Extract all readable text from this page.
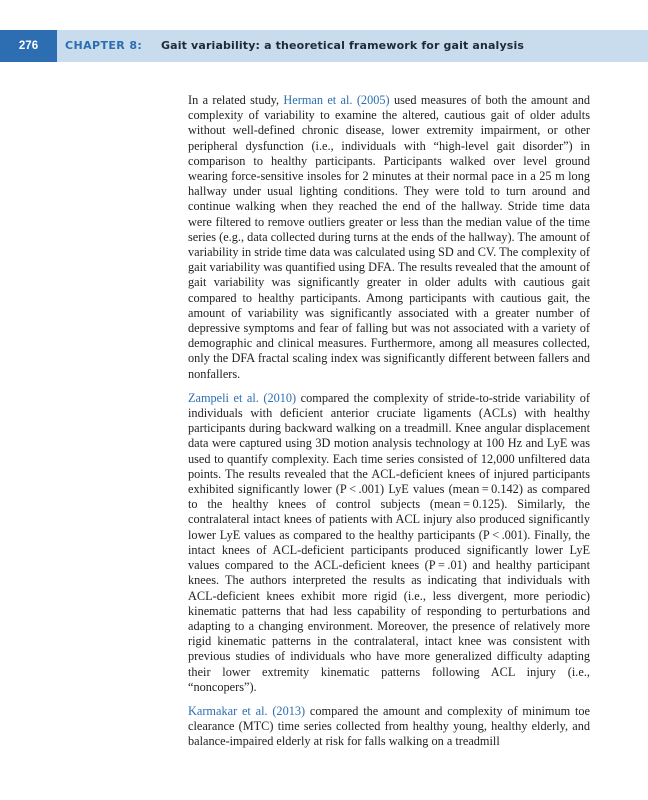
276	CHAPTER 8: Gait variability: a theoretical framework for gait analysis

In a related study, Herman et al. (2005) used measures of both the amount and complexity of variability to examine the altered, cautious gait of older adults without well-defined chronic disease, lower extremity impairment, or other peripheral dysfunction (i.e., individuals with “high-level gait disorder”) in comparison to healthy participants. Participants walked over level ground wearing force-sensitive insoles for 2 minutes at their normal pace in a 25 m long hallway under usual lighting conditions. They were told to turn around and continue walking when they reached the end of the hallway. Stride time data were filtered to remove outliers greater or less than the median value of the time series (e.g., data collected during turns at the ends of the hallway). The amount of variability in stride time data was calculated using SD and CV. The complexity of gait variability was quantified using DFA. The results revealed that the amount of gait variability was significantly greater in older adults with cautious gait compared to healthy participants. Among participants with cautious gait, the amount of variability was significantly associated with a greater number of depressive symptoms and fear of falling but was not associated with a variety of demographic and clinical measures. Furthermore, among all measures collected, only the DFA fractal scaling index was significantly different between fallers and nonfallers.

Zampeli et al. (2010) compared the complexity of stride-to-stride variability of individuals with deficient anterior cruciate ligaments (ACLs) with healthy participants during backward walking on a treadmill. Knee angular displacement data were captured using 3D motion analysis technology at 100 Hz and LyE was used to quantify complexity. Each time series consisted of 12,000 unfiltered data points. The results revealed that the ACL-deficient knees of injured participants exhibited significantly lower (P < .001) LyE values (mean = 0.142) as compared to the healthy knees of control subjects (mean = 0.125). Similarly, the contralateral intact knees of patients with ACL injury also produced significantly lower LyE values as compared to the healthy participants (P < .001). Finally, the intact knees of ACL-deficient participants produced significantly lower LyE values compared to the ACL-deficient knees (P = .01) and healthy participant knees. The authors interpreted the results as indicating that individuals with ACL-deficient knees exhibit more rigid (i.e., less divergent, more periodic) kinematic patterns that had less capability of responding to perturbations and adapting to a changing environment. Moreover, the presence of relatively more rigid kinematic patterns in the contralateral, intact knee was consistent with previous studies of individuals who have more generalized difficulty adapting their lower extremity kinematic patterns following ACL injury (i.e., “noncopers”).

Karmakar et al. (2013) compared the amount and complexity of minimum toe clearance (MTC) time series collected from healthy young, healthy elderly, and balance-impaired elderly at risk for falls walking on a treadmill
